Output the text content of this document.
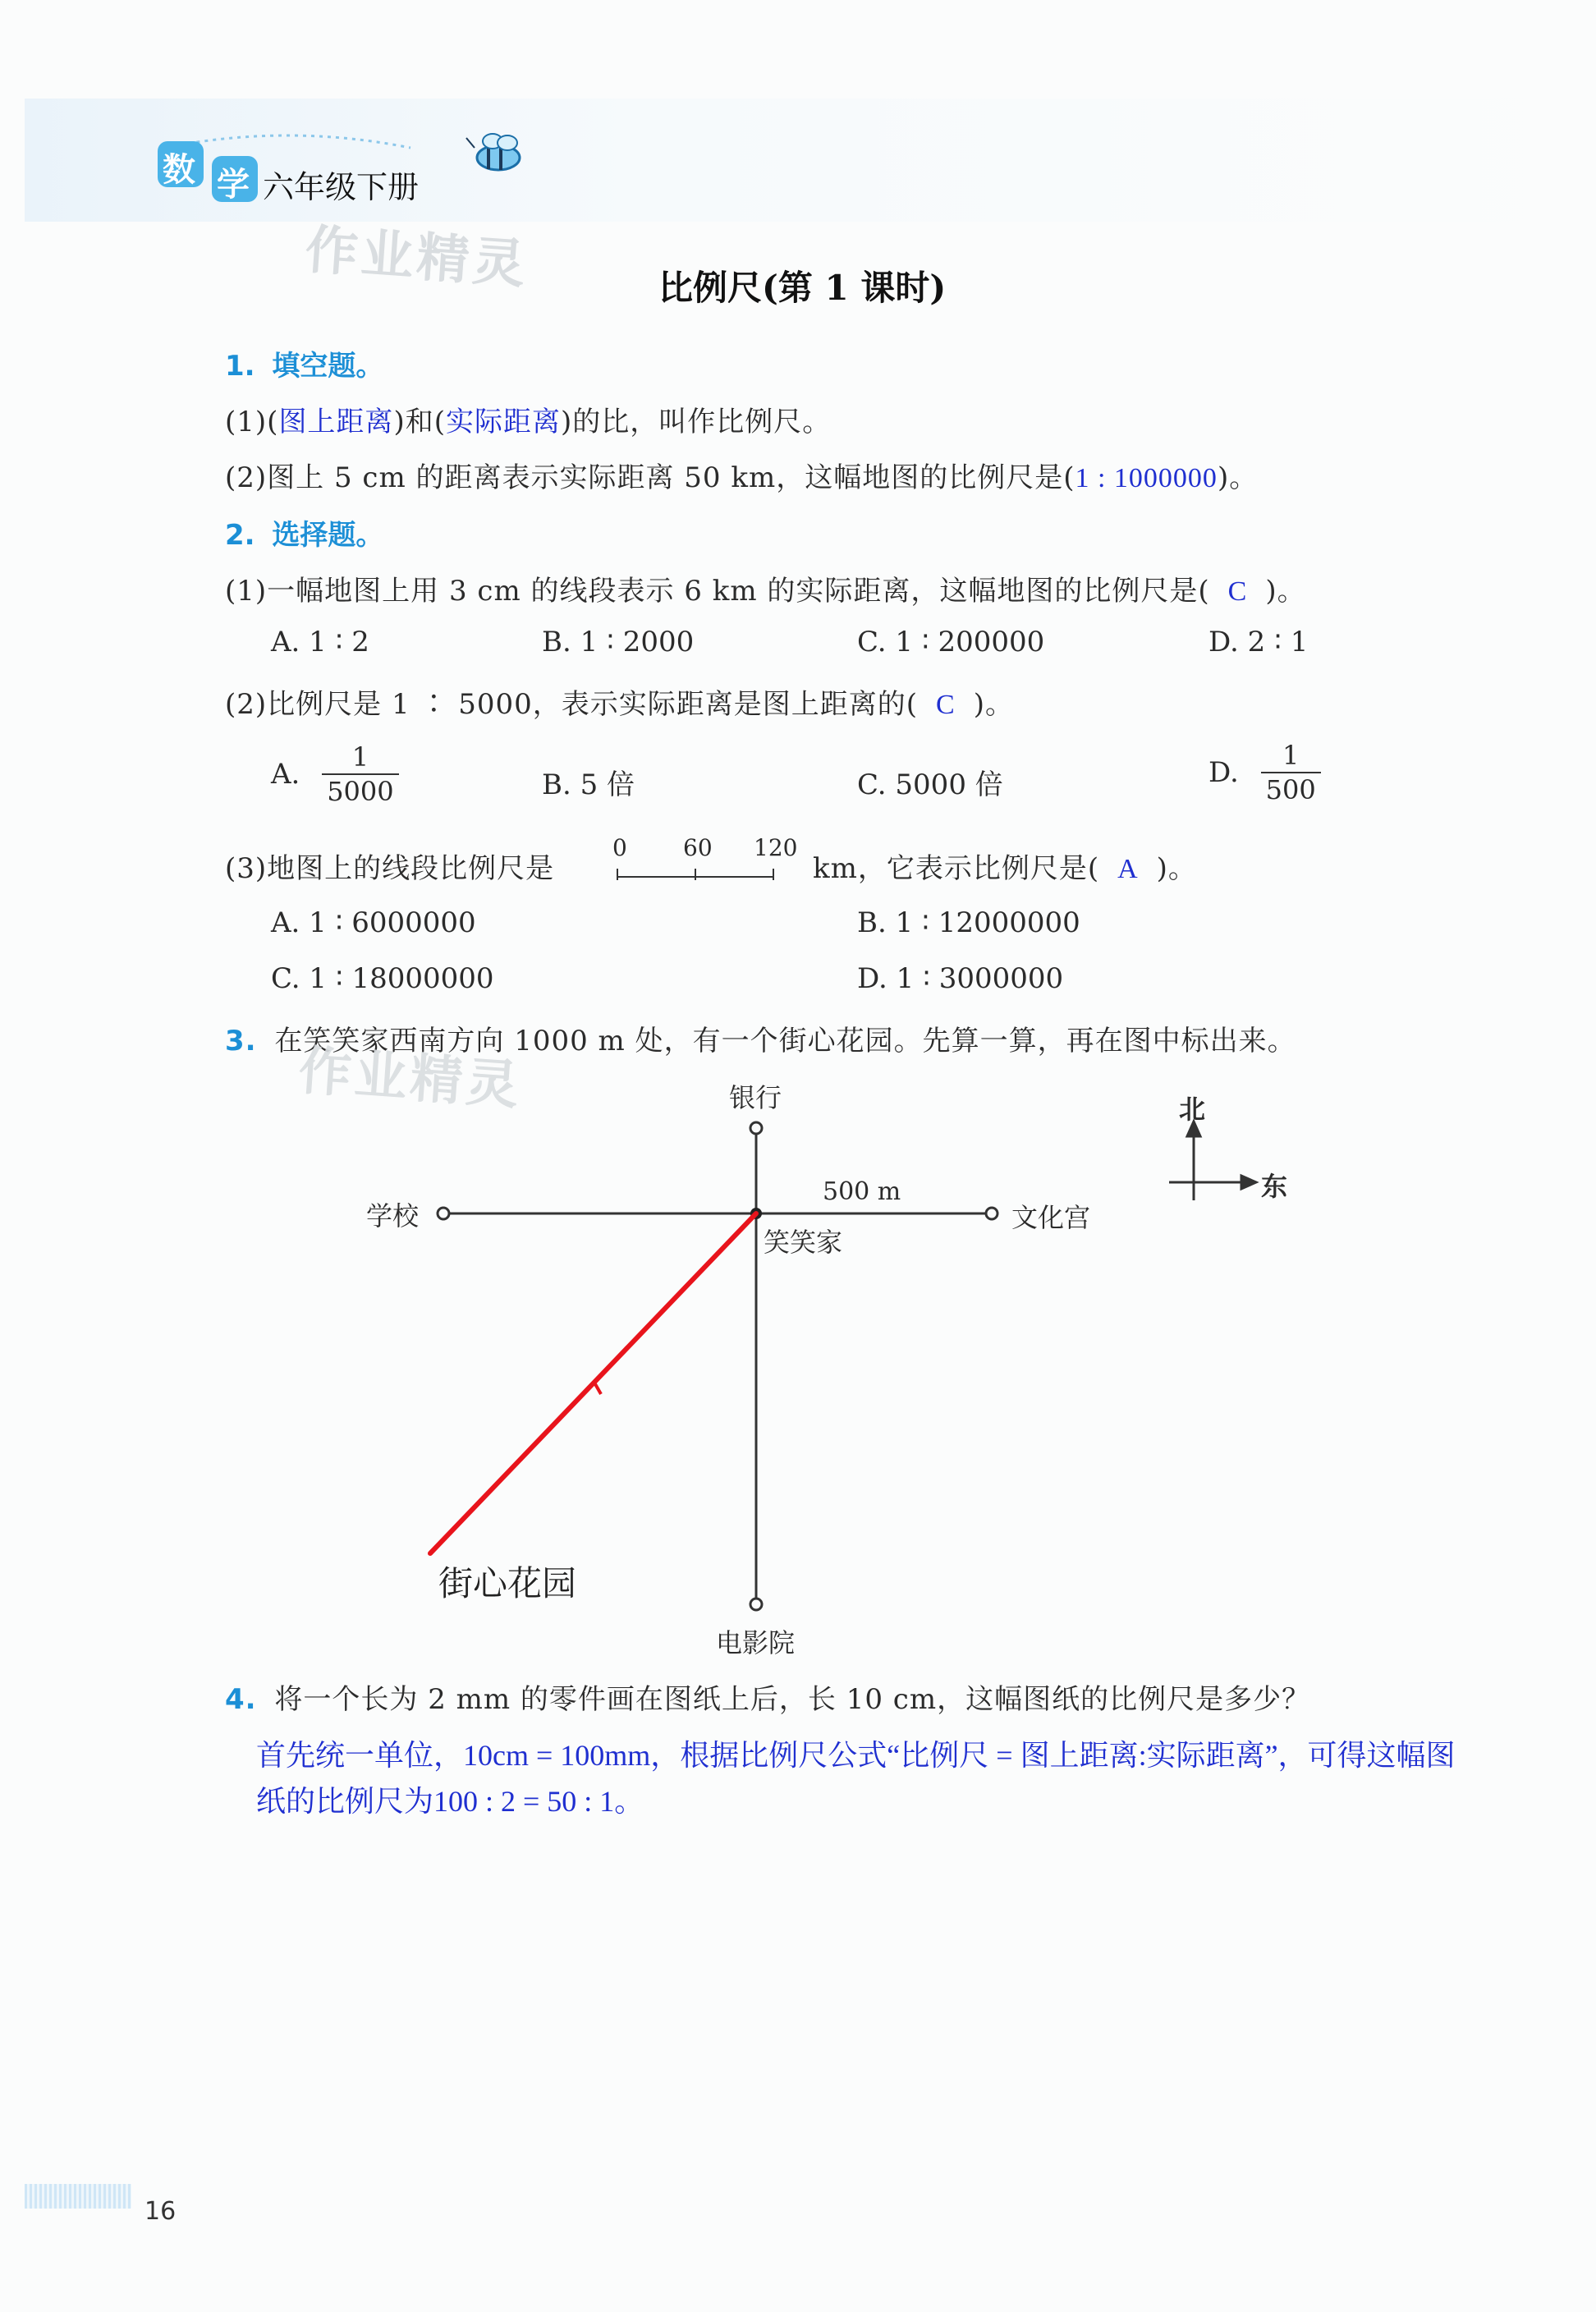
数 学 六年级下册
作业精灵	比例尺(第 1 课时)
1. 填空题。
(1)(图上距离)和(实际距离)的比，叫作比例尺。
(2)图上 5 cm 的距离表示实际距离 50 km，这幅地图的比例尺是(1 : 1000000)。
2. 选择题。
(1)一幅地图上用 3 cm 的线段表示 6 km 的实际距离，这幅地图的比例尺是( C )。
A. 1 ∶ 2	B. 1 ∶ 2000	C. 1 ∶ 200000	D. 2 ∶ 1
(2)比例尺是 1 ∶ 5000，表示实际距离是图上距离的( C )。
A. $\frac{1}{5000}$	B. 5 倍	C. 5000 倍	D. $\frac{1}{500}$
(3)地图上的线段比例尺是
0 60 120
km，它表示比例尺是( A )。
A. 1 ∶ 6000000	B. 1 ∶ 12000000
C. 1 ∶ 18000000	D. 1 ∶ 3000000
3. 在笑笑家西南方向 1000 m 处，有一个街心花园。先算一算，再在图中标出来。
作业精灵	银行
学校	文化宫
电影院
笑笑家
500 m
北
东
街心花园
4. 将一个长为 2 mm 的零件画在图纸上后，长 10 cm，这幅图纸的比例尺是多少？
首先统一单位，10cm = 100mm，根据比例尺公式“比例尺 = 图上距离:实际距离”，可得这幅图
纸的比例尺为100 : 2 = 50 : 1。
16
